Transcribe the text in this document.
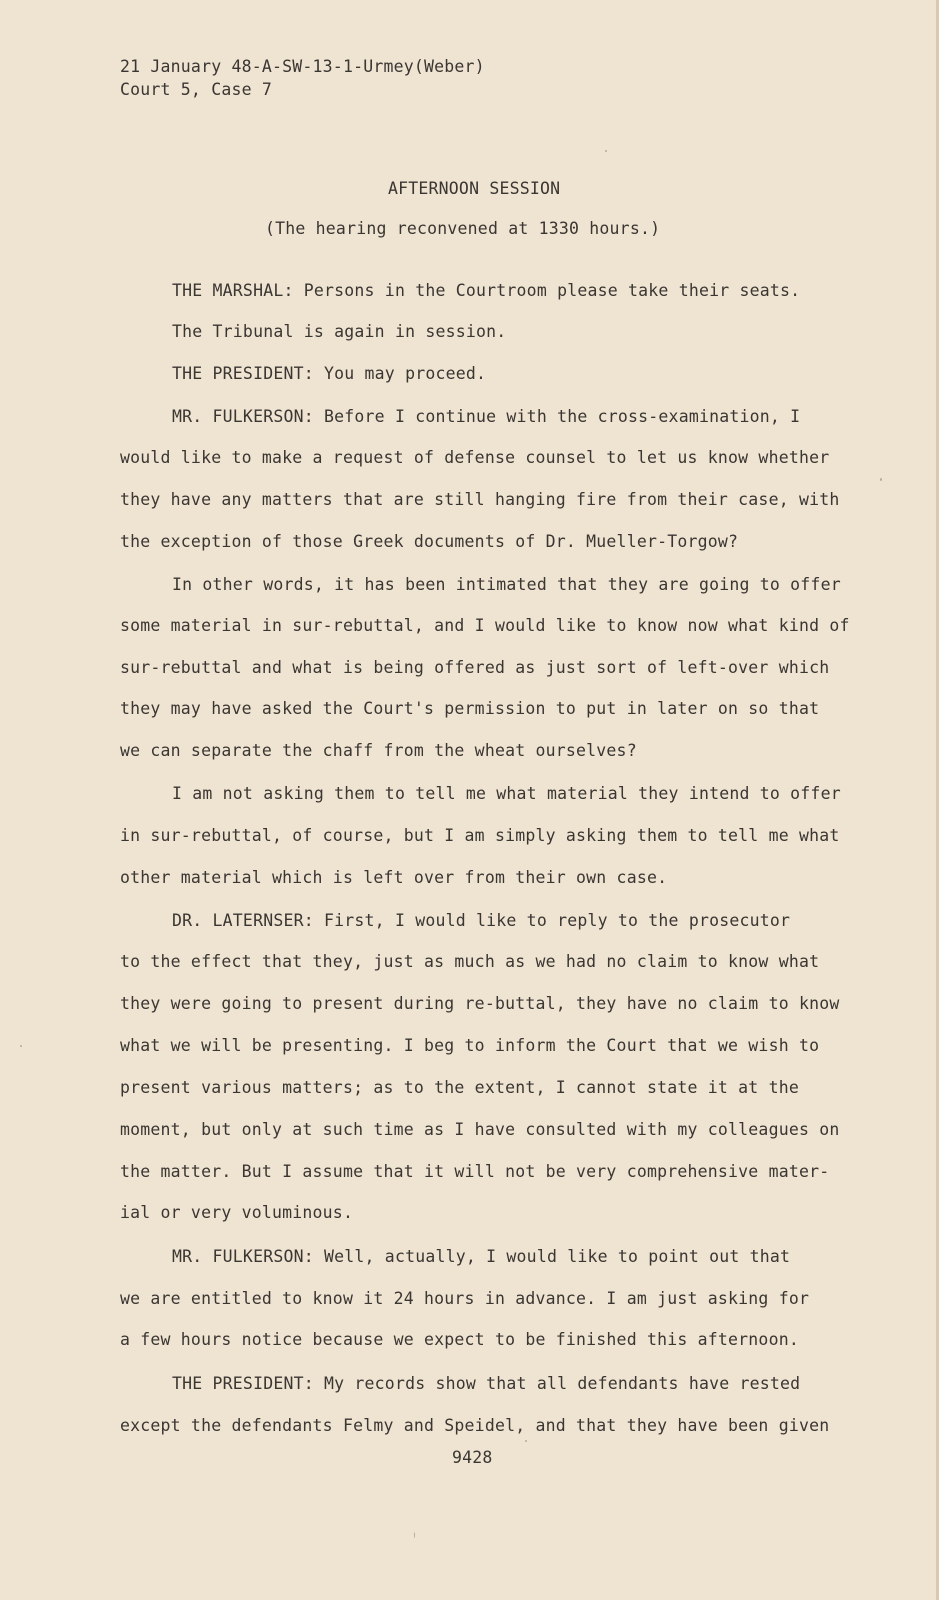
21 January 48-A-SW-13-1-Urmey(Weber)
Court 5, Case 7
AFTERNOON SESSION
(The hearing reconvened at 1330 hours.)
THE MARSHAL: Persons in the Courtroom please take their seats.
The Tribunal is again in session.
THE PRESIDENT: You may proceed.
MR. FULKERSON: Before I continue with the cross-examination, I
would like to make a request of defense counsel to let us know whether
they have any matters that are still hanging fire from their case, with
the exception of those Greek documents of Dr. Mueller-Torgow?
In other words, it has been intimated that they are going to offer
some material in sur-rebuttal, and I would like to know now what kind of
sur-rebuttal and what is being offered as just sort of left-over which
they may have asked the Court's permission to put in later on so that
we can separate the chaff from the wheat ourselves?
I am not asking them to tell me what material they intend to offer
in sur-rebuttal, of course, but I am simply asking them to tell me what
other material which is left over from their own case.
DR. LATERNSER: First, I would like to reply to the prosecutor
to the effect that they, just as much as we had no claim to know what
they were going to present during re-buttal, they have no claim to know
what we will be presenting. I beg to inform the Court that we wish to
present various matters; as to the extent, I cannot state it at the
moment, but only at such time as I have consulted with my colleagues on
the matter. But I assume that it will not be very comprehensive mater-
ial or very voluminous.
MR. FULKERSON: Well, actually, I would like to point out that
we are entitled to know it 24 hours in advance. I am just asking for
a few hours notice because we expect to be finished this afternoon.
THE PRESIDENT: My records show that all defendants have rested
except the defendants Felmy and Speidel, and that they have been given
9428
